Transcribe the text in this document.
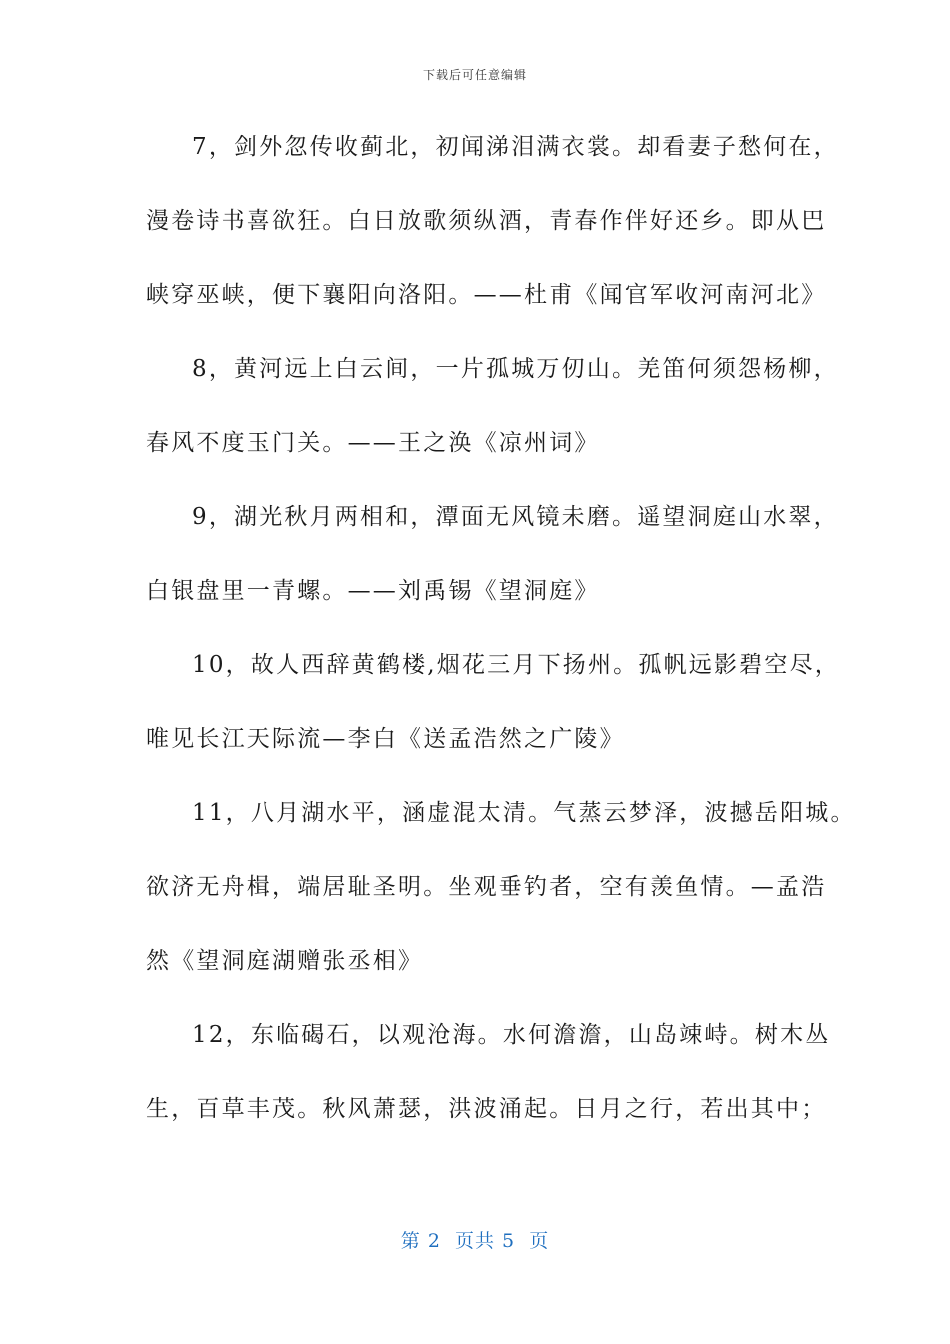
下载后可任意编辑
7，剑外忽传收蓟北，初闻涕泪满衣裳。却看妻子愁何在，
漫卷诗书喜欲狂。白日放歌须纵酒，青春作伴好还乡。即从巴
峡穿巫峡，便下襄阳向洛阳。——杜甫《闻官军收河南河北》
8，黄河远上白云间，一片孤城万仞山。羌笛何须怨杨柳，
春风不度玉门关。——王之涣《凉州词》
9，湖光秋月两相和，潭面无风镜未磨。遥望洞庭山水翠，
白银盘里一青螺。——刘禹锡《望洞庭》
10，故人西辞黄鹤楼,烟花三月下扬州。孤帆远影碧空尽，
唯见长江天际流—李白《送孟浩然之广陵》
11，八月湖水平，涵虚混太清。气蒸云梦泽，波撼岳阳城。
欲济无舟楫，端居耻圣明。坐观垂钓者，空有羡鱼情。—孟浩
然《望洞庭湖赠张丞相》
12，东临碣石，以观沧海。水何澹澹，山岛竦峙。树木丛
生，百草丰茂。秋风萧瑟，洪波涌起。日月之行，若出其中；
第 2  页共 5  页
